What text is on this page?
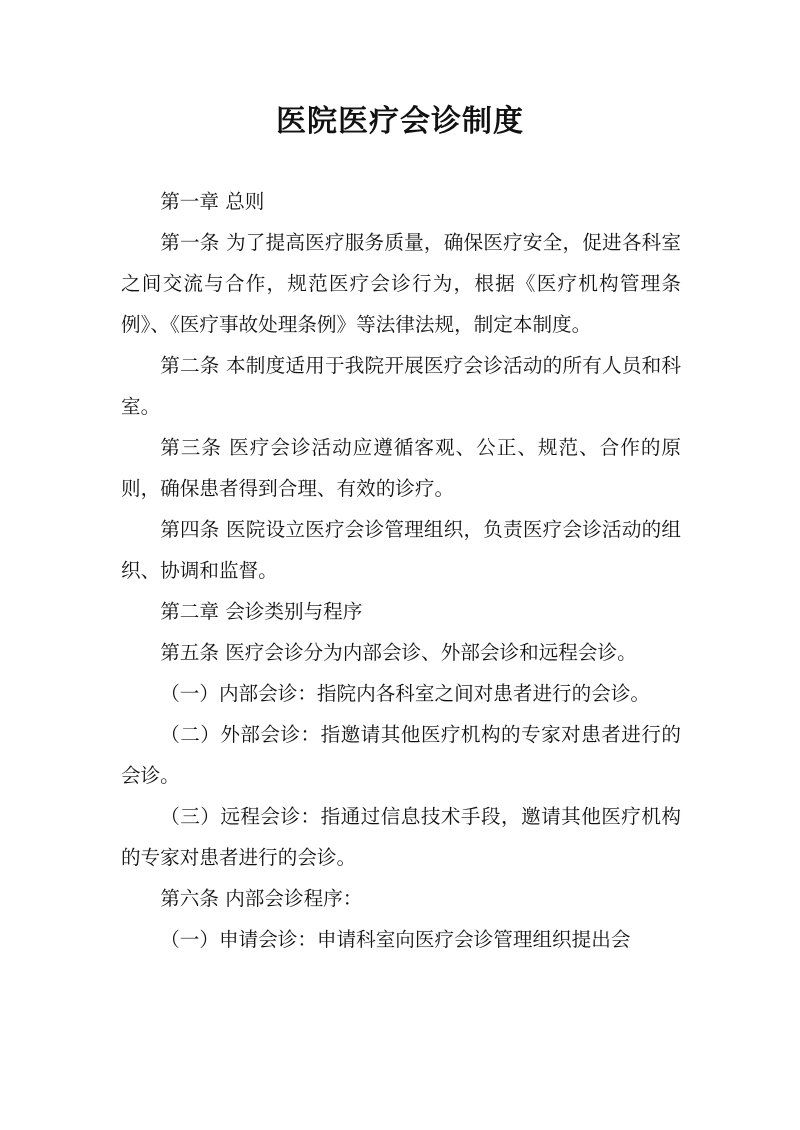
医院医疗会诊制度

第一章 总则

第一条 为了提高医疗服务质量，确保医疗安全，促进各科室之间交流与合作，规范医疗会诊行为，根据《医疗机构管理条例》、《医疗事故处理条例》等法律法规，制定本制度。

第二条 本制度适用于我院开展医疗会诊活动的所有人员和科室。

第三条 医疗会诊活动应遵循客观、公正、规范、合作的原则，确保患者得到合理、有效的诊疗。

第四条 医院设立医疗会诊管理组织，负责医疗会诊活动的组织、协调和监督。

第二章 会诊类别与程序

第五条 医疗会诊分为内部会诊、外部会诊和远程会诊。

（一）内部会诊：指院内各科室之间对患者进行的会诊。

（二）外部会诊：指邀请其他医疗机构的专家对患者进行的会诊。

（三）远程会诊：指通过信息技术手段，邀请其他医疗机构的专家对患者进行的会诊。

第六条 内部会诊程序：

（一）申请会诊：申请科室向医疗会诊管理组织提出会
